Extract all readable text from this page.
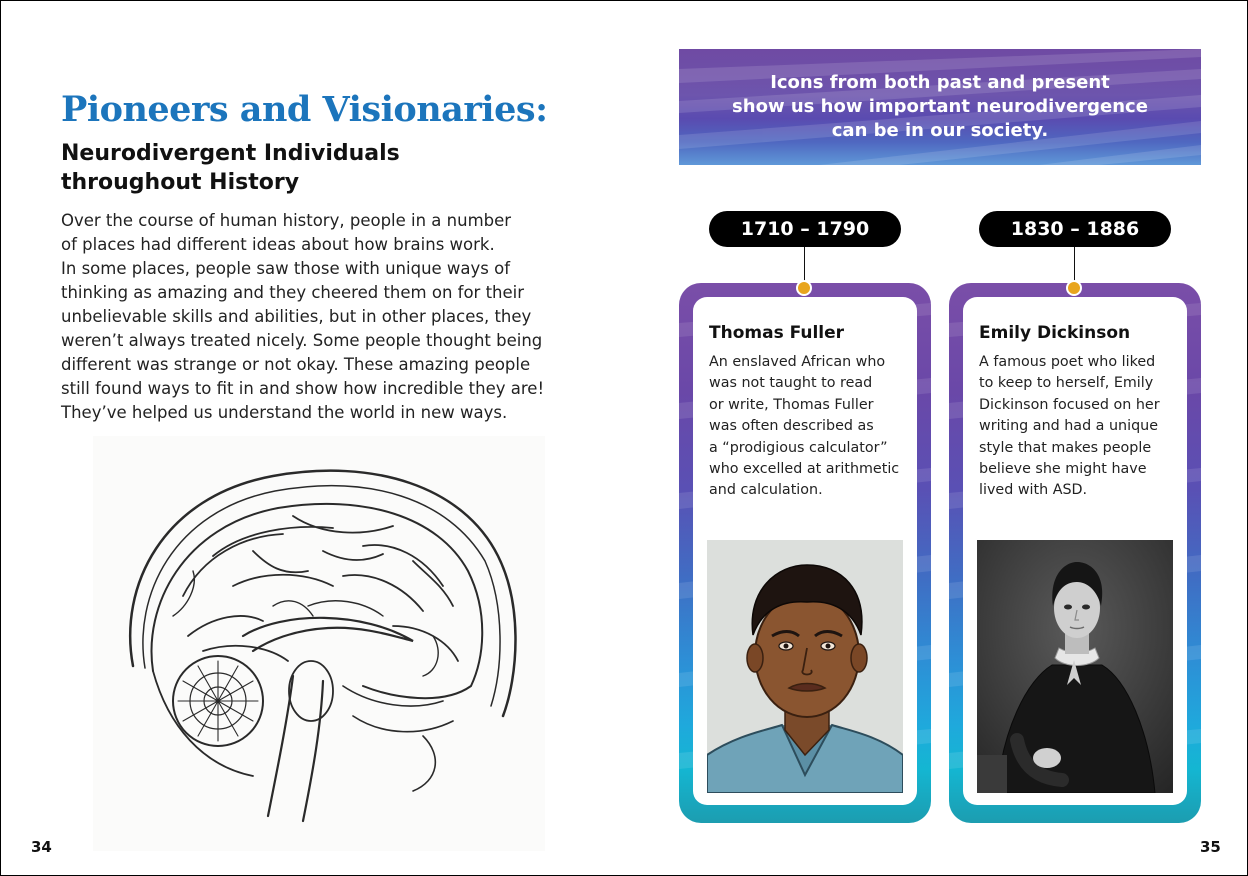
Pioneers and Visionaries:
Neurodivergent Individuals
throughout History
Over the course of human history, people in a number
of places had different ideas about how brains work.
In some places, people saw those with unique ways of
thinking as amazing and they cheered them on for their
unbelievable skills and abilities, but in other places, they
weren’t always treated nicely. Some people thought being
different was strange or not okay. These amazing people
still found ways to fit in and show how incredible they are!
They’ve helped us understand the world in new ways.
Icons from both past and present
show us how important neurodivergence
can be in our society.
1710 – 1790
Thomas Fuller
An enslaved African who
was not taught to read
or write, Thomas Fuller
was often described as
a “prodigious calculator”
who excelled at arithmetic
and calculation.
1830 – 1886
Emily Dickinson
A famous poet who liked
to keep to herself, Emily
Dickinson focused on her
writing and had a unique
style that makes people
believe she might have
lived with ASD.
34	35
